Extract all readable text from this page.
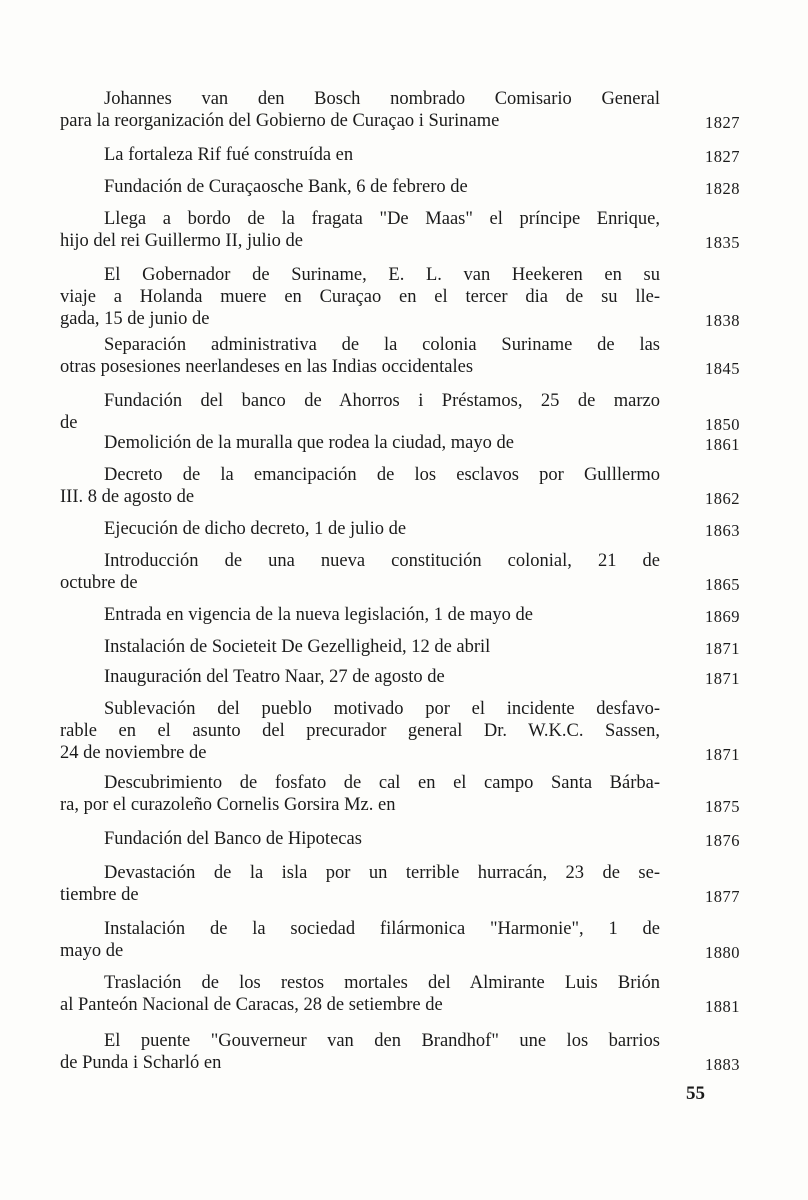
Johannes van den Bosch nombrado Comisario General
para la reorganización del Gobierno de Curaçao i Suriname	1827
La fortaleza Rif fué construída en	1827
Fundación de Curaçaosche Bank, 6 de febrero de	1828
Llega a bordo de la fragata "De Maas" el príncipe Enrique,
hijo del rei Guillermo II, julio de	1835
El Gobernador de Suriname, E. L. van Heekeren en su
viaje a Holanda muere en Curaçao en el tercer dia de su lle-
gada, 15 de junio de	1838
Separación administrativa de la colonia Suriname de las
otras posesiones neerlandeses en las Indias occidentales	1845
Fundación del banco de Ahorros i Préstamos, 25 de marzo
de	1850
Demolición de la muralla que rodea la ciudad, mayo de	1861
Decreto de la emancipación de los esclavos por Gulllermo
III. 8 de agosto de	1862
Ejecución de dicho decreto, 1 de julio de	1863
Introducción de una nueva constitución colonial, 21 de
octubre de	1865
Entrada en vigencia de la nueva legislación, 1 de mayo de	1869
Instalación de Societeit De Gezelligheid, 12 de abril	1871
Inauguración del Teatro Naar, 27 de agosto de	1871
Sublevación del pueblo motivado por el incidente desfavo-
rable en el asunto del precurador general Dr. W.K.C. Sassen,
24 de noviembre de	1871
Descubrimiento de fosfato de cal en el campo Santa Bárba-
ra, por el curazoleño Cornelis Gorsira Mz. en	1875
Fundación del Banco de Hipotecas	1876
Devastación de la isla por un terrible hurracán, 23 de se-
tiembre de	1877
Instalación de la sociedad filármonica "Harmonie", 1 de
mayo de	1880
Traslación de los restos mortales del Almirante Luis Brión
al Panteón Nacional de Caracas, 28 de setiembre de	1881
El puente "Gouverneur van den Brandhof" une los barrios
de Punda i Scharló en	1883
55
